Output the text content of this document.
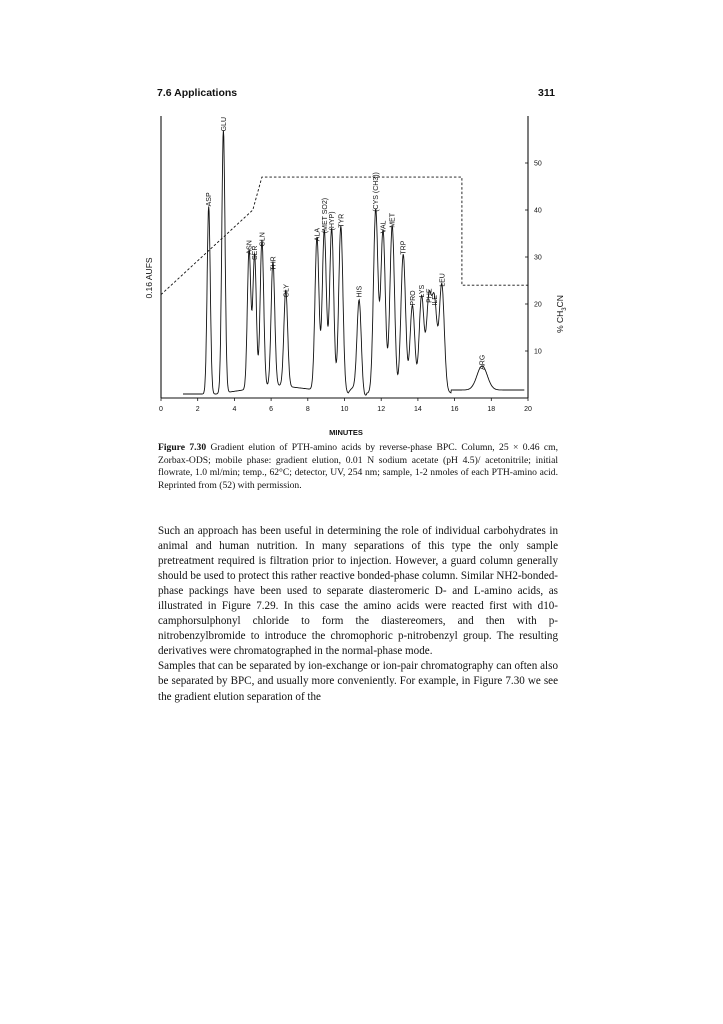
7.6 Applications	311
ASP
GLU
ASN
SER
GLN
THR
GLY
ALA
(MET SO2) (HYP) TYR
HIS
(CYS (CH3))
VAL MET
TRP
PRO LYS PHE
ILE
LEU
ARG
0	2	4	6	8	10	12	14	16	18	20
10
20
30
40
50
0.16 AUFS
MINUTES
% $CH_3CN$
Figure 7.30 Gradient elution of PTH-amino acids by reverse-phase BPC. Column, 25 × 0.46 cm, Zorbax-ODS; mobile phase: gradient elution, 0.01 N sodium acetate (pH 4.5)/ acetonitrile; initial flowrate, 1.0 ml/min; temp., 62°C; detector, UV, 254 nm; sample, 1-2 nmoles of each PTH-amino acid. Reprinted from (52) with permission.

Such an approach has been useful in determining the role of individual carbohydrates in animal and human nutrition. In many separations of this type the only sample pretreatment required is filtration prior to injection. However, a guard column generally should be used to protect this rather reactive bonded-phase column. Similar NH2-bonded-phase packings have been used to separate diasteromeric D- and L-amino acids, as illustrated in Figure 7.29. In this case the amino acids were reacted first with d10-camphorsulphonyl chloride to form the diastereomers, and then with p-nitrobenzylbromide to introduce the chromophoric p-nitrobenzyl group. The resulting derivatives were chromatographed in the normal-phase mode.

Samples that can be separated by ion-exchange or ion-pair chromatography can often also be separated by BPC, and usually more conveniently. For example, in Figure 7.30 we see the gradient elution separation of the
